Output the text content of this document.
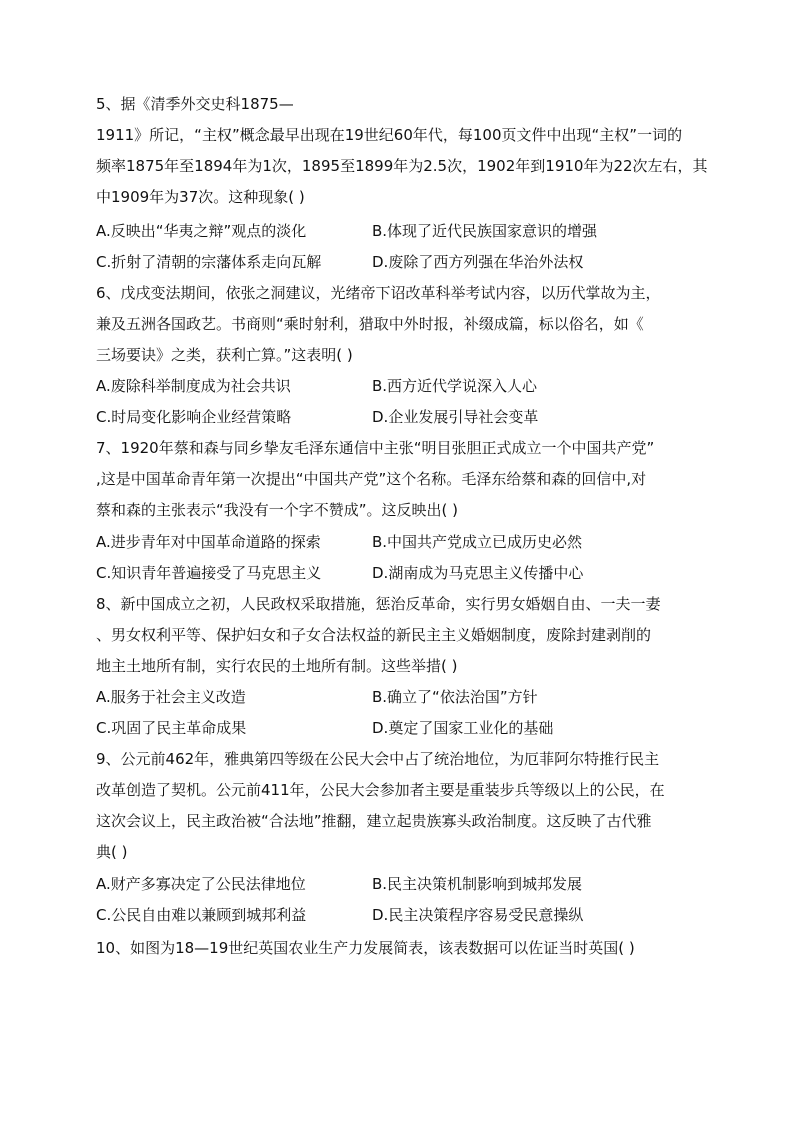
5、据《清季外交史科1875—
1911》所记，“主权”概念最早出现在19世纪60年代，每100页文件中出现“主权”一词的
频率1875年至1894年为1次，1895至1899年为2.5次，1902年到1910年为22次左右，其
中1909年为37次。这种现象( )
A.反映出“华夷之辩”观点的淡化	B.体现了近代民族国家意识的增强
C.折射了清朝的宗藩体系走向瓦解	D.废除了西方列强在华治外法权
6、戊戌变法期间，依张之洞建议，光绪帝下诏改革科举考试内容，以历代掌故为主，
兼及五洲各国政艺。书商则“乘时射利，猎取中外时报，补缀成篇，标以俗名，如《
三场要诀》之类，获利亡算。”这表明( )
A.废除科举制度成为社会共识	B.西方近代学说深入人心
C.时局变化影响企业经营策略	D.企业发展引导社会变革
7、1920年蔡和森与同乡挚友毛泽东通信中主张“明目张胆正式成立一个中国共产党”
,这是中国革命青年第一次提出“中国共产党”这个名称。毛泽东给蔡和森的回信中,对
蔡和森的主张表示“我没有一个字不赞成”。这反映出( )
A.进步青年对中国革命道路的探索	B.中国共产党成立已成历史必然
C.知识青年普遍接受了马克思主义	D.湖南成为马克思主义传播中心
8、新中国成立之初，人民政权采取措施，惩治反革命，实行男女婚姻自由、一夫一妻
、男女权利平等、保护妇女和子女合法权益的新民主主义婚姻制度，废除封建剥削的
地主土地所有制，实行农民的土地所有制。这些举措( )
A.服务于社会主义改造	B.确立了“依法治国”方针
C.巩固了民主革命成果	D.奠定了国家工业化的基础
9、公元前462年，雅典第四等级在公民大会中占了统治地位，为厄菲阿尔特推行民主
改革创造了契机。公元前411年，公民大会参加者主要是重装步兵等级以上的公民，在
这次会议上，民主政治被“合法地”推翻，建立起贵族寡头政治制度。这反映了古代雅
典( )
A.财产多寡决定了公民法律地位	B.民主决策机制影响到城邦发展
C.公民自由难以兼顾到城邦利益	D.民主决策程序容易受民意操纵
10、如图为18—19世纪英国农业生产力发展简表，该表数据可以佐证当时英国( )
